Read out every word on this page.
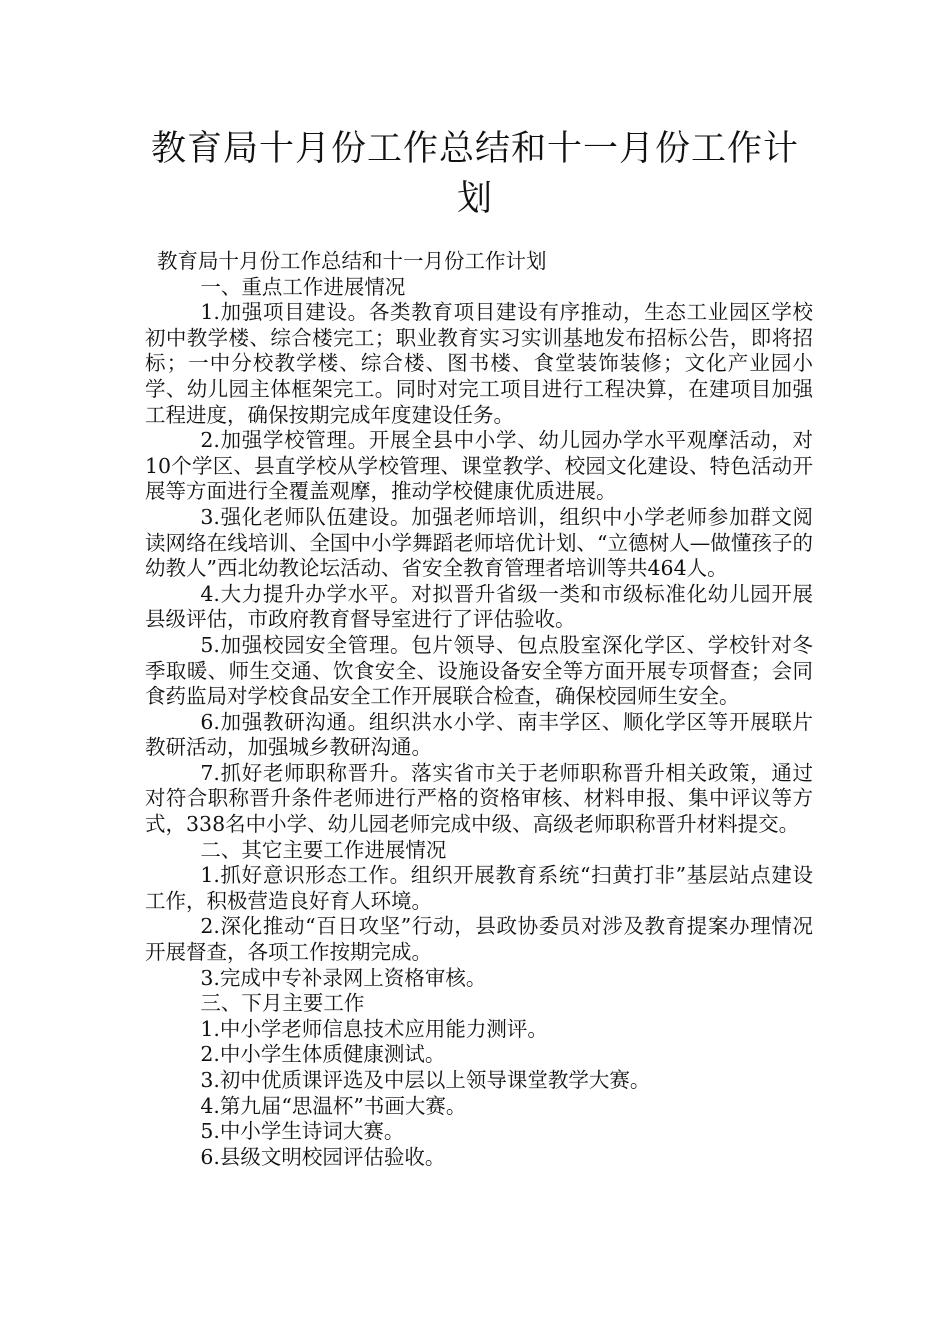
教育局十月份工作总结和十一月份工作计
划

教育局十月份工作总结和十一月份工作计划

一、重点工作进展情况

1.加强项目建设。各类教育项目建设有序推动，生态工业园区学校初中教学楼、综合楼完工；职业教育实习实训基地发布招标公告，即将招标；一中分校教学楼、综合楼、图书楼、食堂装饰装修；文化产业园小学、幼儿园主体框架完工。同时对完工项目进行工程决算，在建项目加强工程进度，确保按期完成年度建设任务。

2.加强学校管理。开展全县中小学、幼儿园办学水平观摩活动，对10个学区、县直学校从学校管理、课堂教学、校园文化建设、特色活动开展等方面进行全覆盖观摩，推动学校健康优质进展。

3.强化老师队伍建设。加强老师培训，组织中小学老师参加群文阅读网络在线培训、全国中小学舞蹈老师培优计划、“立德树人—做懂孩子的幼教人”西北幼教论坛活动、省安全教育管理者培训等共464人。

4.大力提升办学水平。对拟晋升省级一类和市级标准化幼儿园开展县级评估，市政府教育督导室进行了评估验收。

5.加强校园安全管理。包片领导、包点股室深化学区、学校针对冬季取暖、师生交通、饮食安全、设施设备安全等方面开展专项督查；会同食药监局对学校食品安全工作开展联合检查，确保校园师生安全。

6.加强教研沟通。组织洪水小学、南丰学区、顺化学区等开展联片教研活动，加强城乡教研沟通。

7.抓好老师职称晋升。落实省市关于老师职称晋升相关政策，通过对符合职称晋升条件老师进行严格的资格审核、材料申报、集中评议等方式，338名中小学、幼儿园老师完成中级、高级老师职称晋升材料提交。

二、其它主要工作进展情况

1.抓好意识形态工作。组织开展教育系统“扫黄打非”基层站点建设工作，积极营造良好育人环境。

2.深化推动“百日攻坚”行动，县政协委员对涉及教育提案办理情况开展督查，各项工作按期完成。

3.完成中专补录网上资格审核。

三、下月主要工作

1.中小学老师信息技术应用能力测评。

2.中小学生体质健康测试。

3.初中优质课评选及中层以上领导课堂教学大赛。

4.第九届“思温杯”书画大赛。

5.中小学生诗词大赛。

6.县级文明校园评估验收。
